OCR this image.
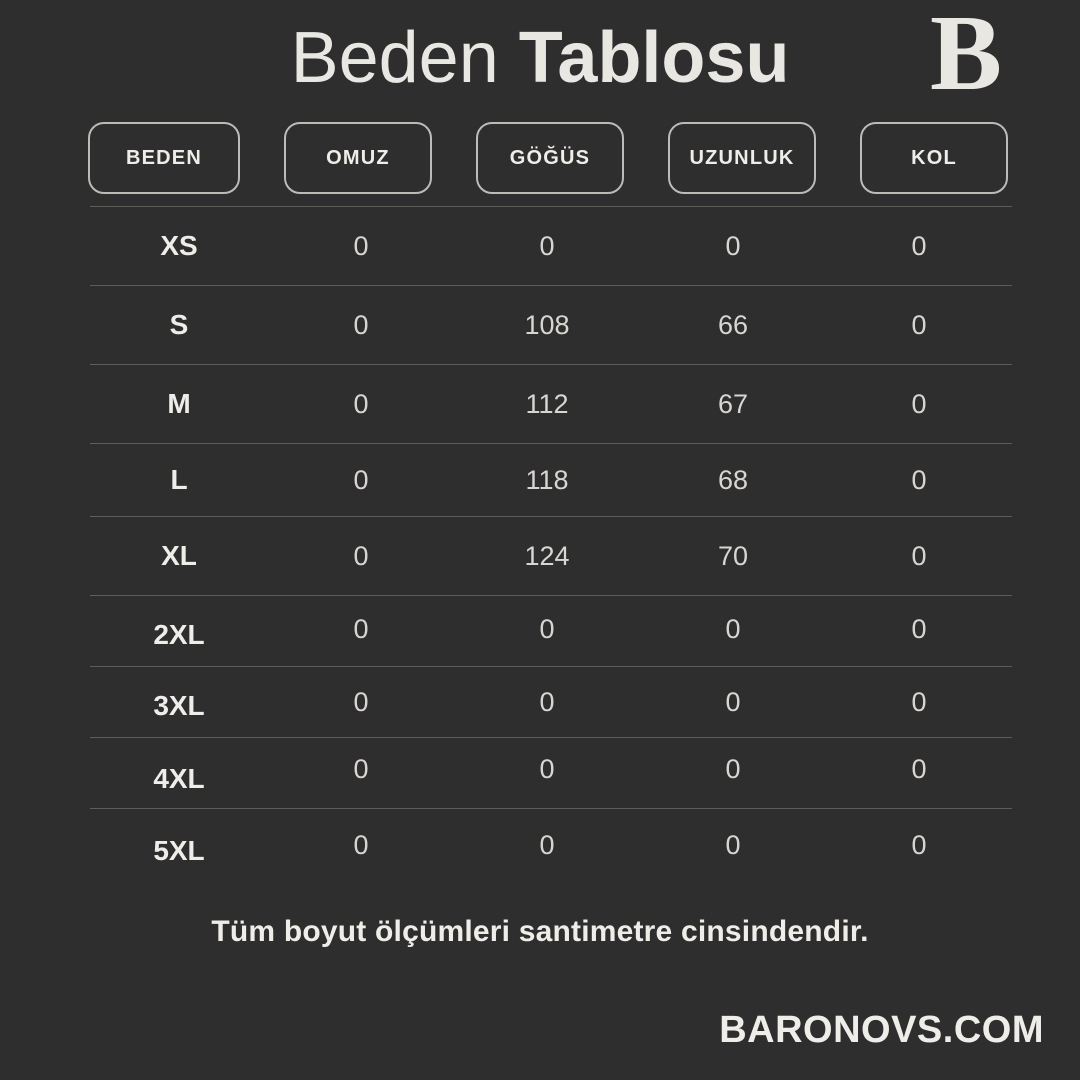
Beden Tablosu B
BEDEN	OMUZ	GÖĞÜS	UZUNLUK	KOL
XS	0	0	0	0
S	0	108	66	0
M	0	112	67	0
L	0	118	68	0
XL	0	124	70	0
2XL	0	0	0	0
3XL	0	0	0	0
4XL	0	0	0	0
5XL	0	0	0	0
Tüm boyut ölçümleri santimetre cinsindendir.
BARONOVS.COM
